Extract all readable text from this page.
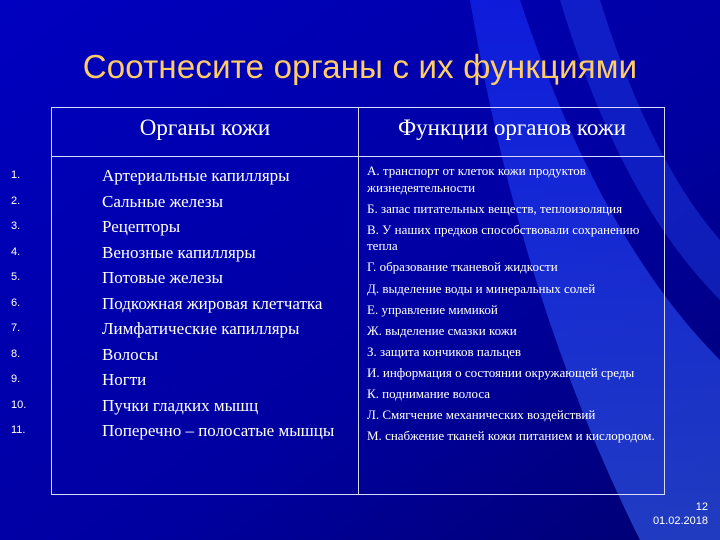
Соотнесите органы с их функциями
Органы кожи	Функции органов кожи
1.	Артериальные капилляры
2.	Сальные железы
3.	Рецепторы
4.	Венозные капилляры
5.	Потовые железы
6.	Подкожная жировая клетчатка
7.	Лимфатические капилляры
8.	Волосы
9.	Ногти
10.	Пучки гладких мышц
11.	Поперечно – полосатые мышцы
А. транспорт от клеток кожи продуктов жизнедеятельности
Б. запас питательных веществ, теплоизоляция
В. У наших предков способствовали сохранению тепла
Г. образование тканевой жидкости
Д. выделение воды и минеральных солей
Е. управление мимикой
Ж. выделение смазки кожи
З. защита кончиков пальцев
И. информация о состоянии окружающей среды
К. поднимание волоса
Л. Смягчение механических воздействий
М. снабжение тканей кожи питанием и кислородом.
12
01.02.2018
